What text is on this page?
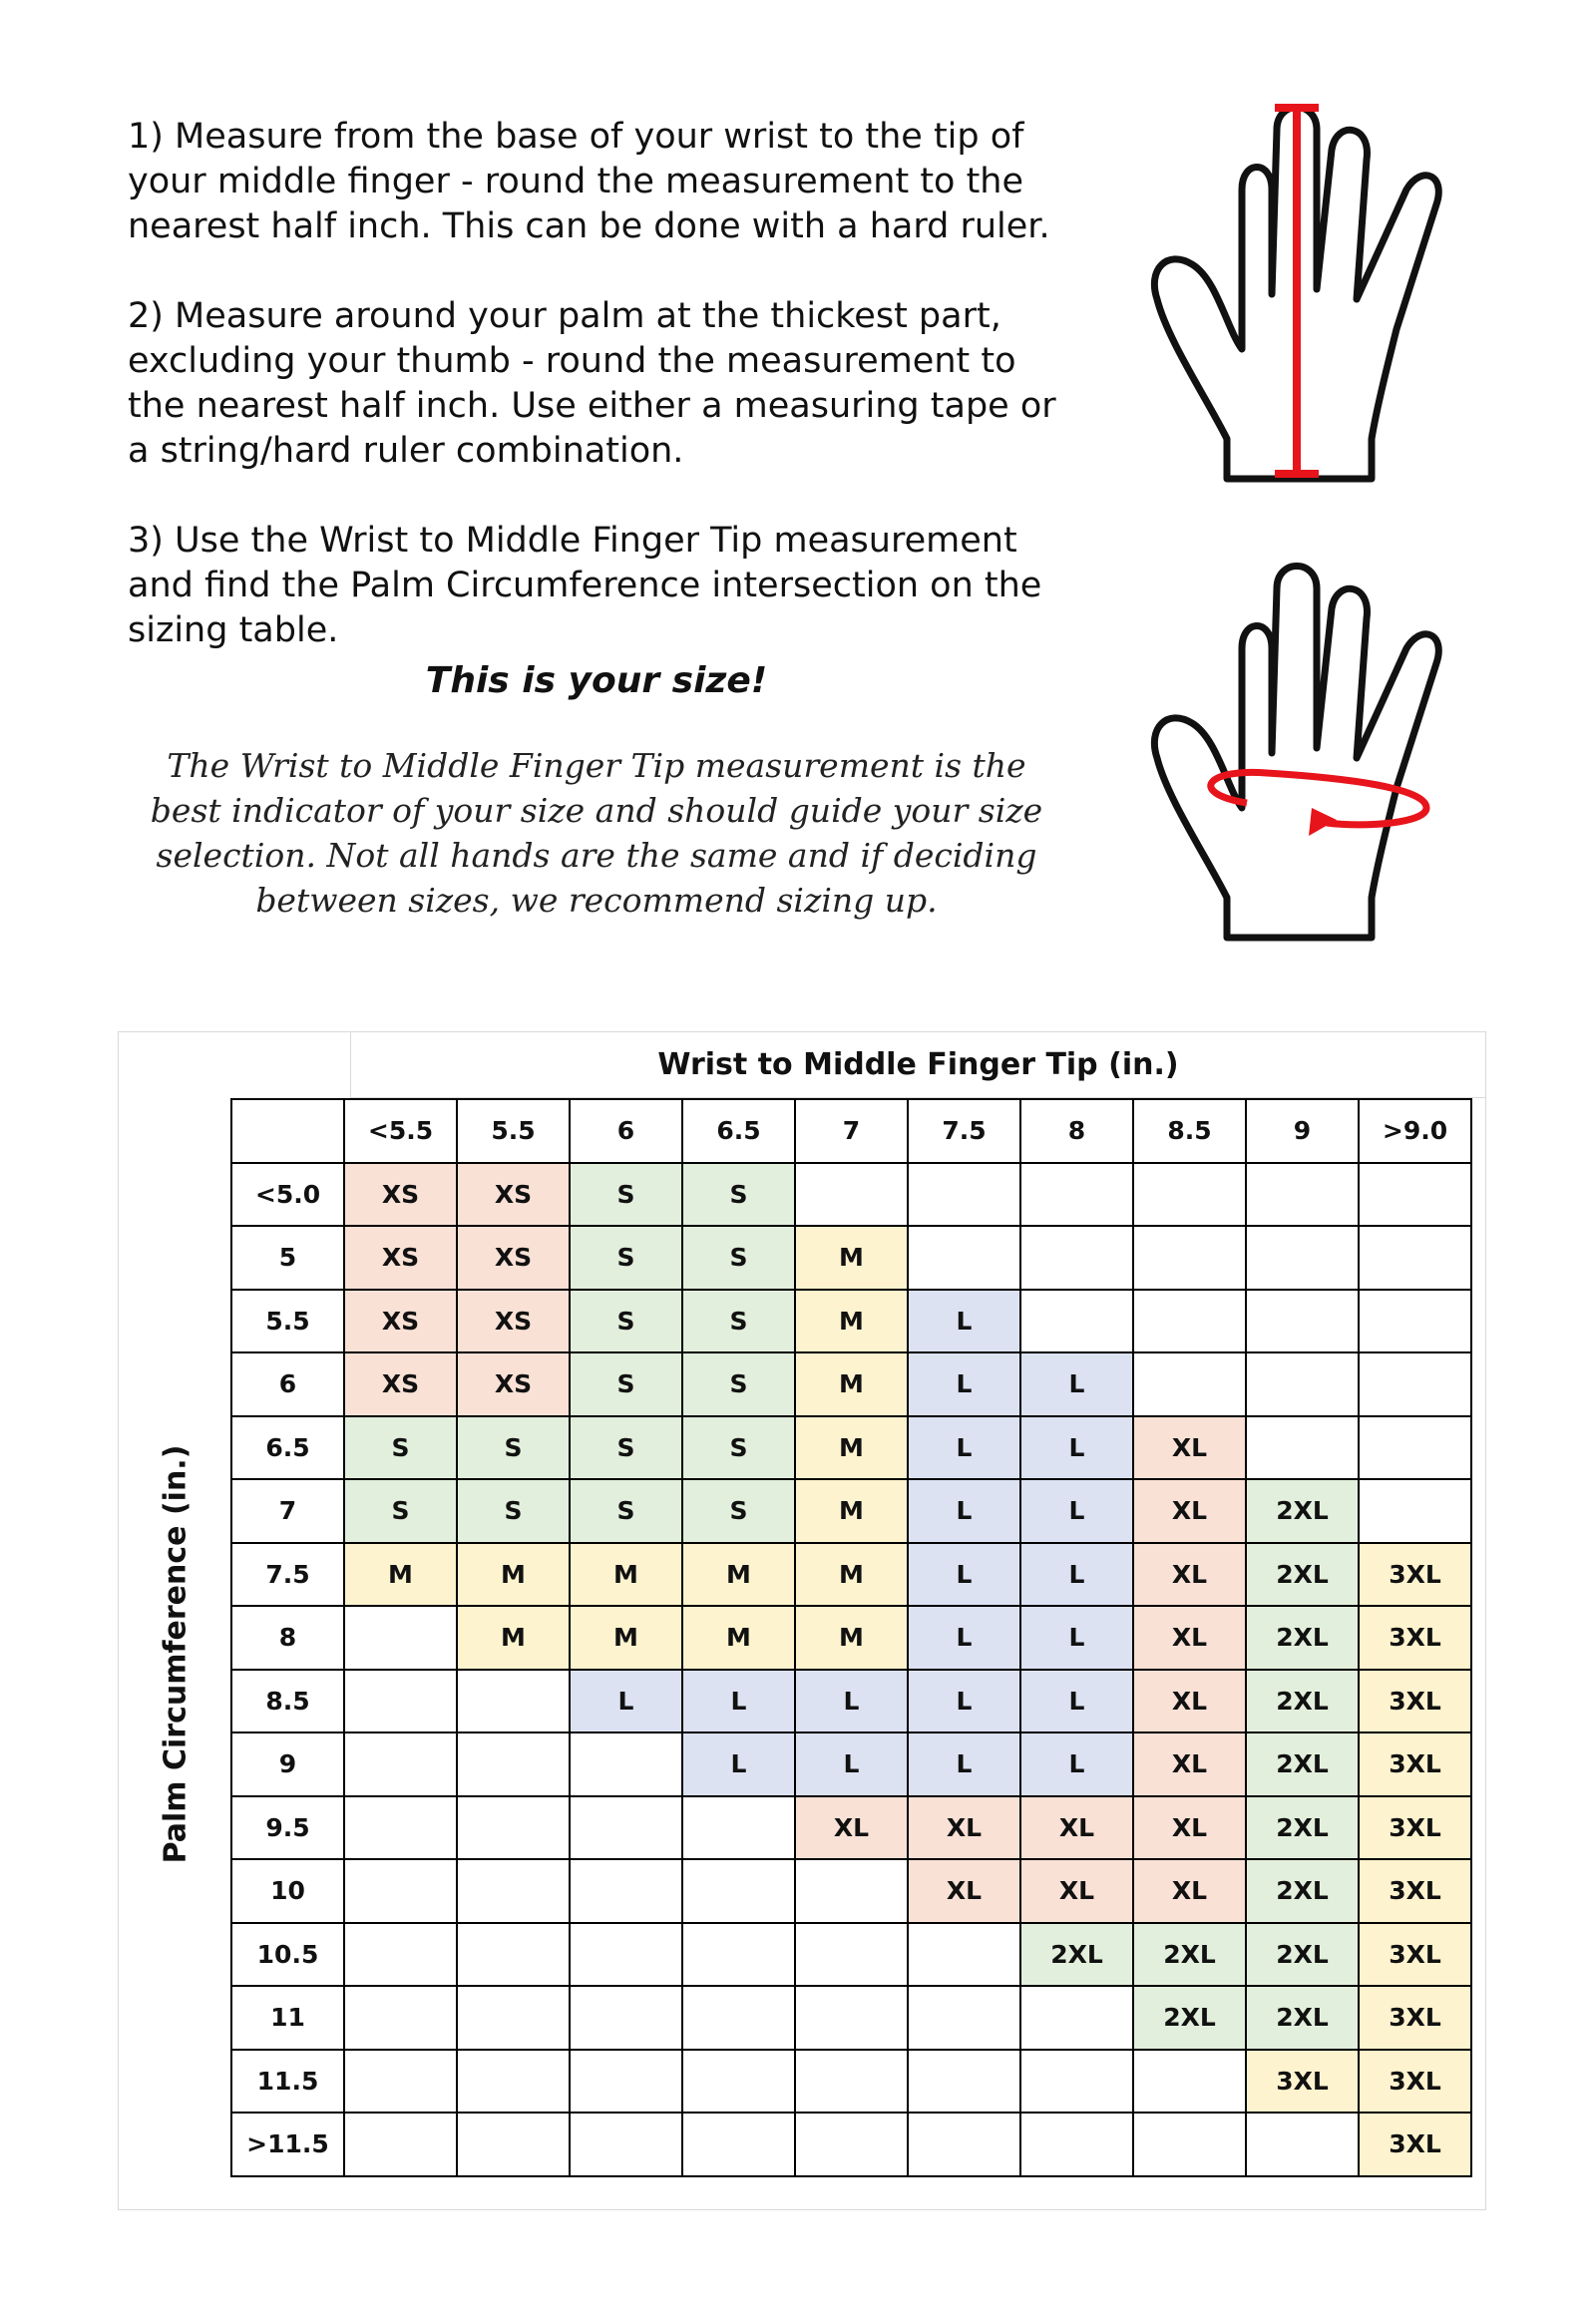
1) Measure from the base of your wrist to the tip of your middle finger - round the measurement to the nearest half inch. This can be done with a hard ruler.

2) Measure around your palm at the thickest part, excluding your thumb - round the measurement to the nearest half inch. Use either a measuring tape or a string/hard ruler combination.

3) Use the Wrist to Middle Finger Tip measurement and find the Palm Circumference intersection on the sizing table.

This is your size!
The Wrist to Middle Finger Tip measurement is the best indicator of your size and should guide your size selection. Not all hands are the same and if deciding between sizes, we recommend sizing up.
Wrist to Middle Finger Tip (in.)
Palm Circumference (in.)
	<5.5	5.5	6	6.5	7	7.5	8	8.5	9	>9.0
<5.0	XS	XS	S	S						
5	XS	XS	S	S	M					
5.5	XS	XS	S	S	M	L				
6	XS	XS	S	S	M	L	L			
6.5	S	S	S	S	M	L	L	XL		
7	S	S	S	S	M	L	L	XL	2XL	
7.5	M	M	M	M	M	L	L	XL	2XL	3XL
8		M	M	M	M	L	L	XL	2XL	3XL
8.5			L	L	L	L	L	XL	2XL	3XL
9				L	L	L	L	XL	2XL	3XL
9.5					XL	XL	XL	XL	2XL	3XL
10						XL	XL	XL	2XL	3XL
10.5							2XL	2XL	2XL	3XL
11								2XL	2XL	3XL
11.5									3XL	3XL
>11.5										3XL
